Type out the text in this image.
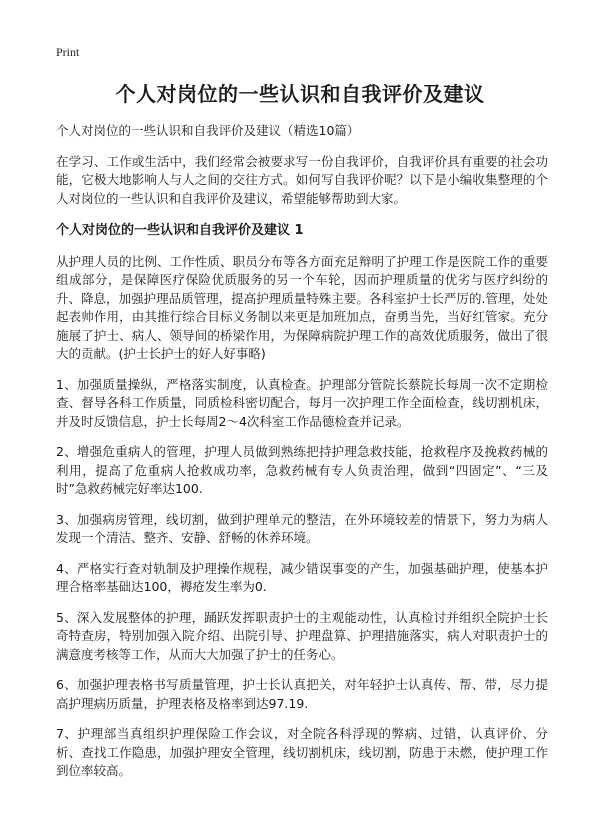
Print
个人对岗位的一些认识和自我评价及建议

个人对岗位的一些认识和自我评价及建议（精选10篇）

在学习、工作或生活中，我们经常会被要求写一份自我评价，自我评价具有重要的社会功能，它极大地影响人与人之间的交往方式。如何写自我评价呢？以下是小编收集整理的个人对岗位的一些认识和自我评价及建议，希望能够帮助到大家。

个人对岗位的一些认识和自我评价及建议 1

从护理人员的比例、工作性质、职员分布等各方面充足辩明了护理工作是医院工作的重要组成部分，是保障医疗保险优质服务的另一个车轮，因而护理质量的优劣与医疗纠纷的升、降息，加强护理品质管理，提高护理质量特殊主要。各科室护士长严厉的.管理，处处起表帅作用，由其推行综合目标义务制以来更是加班加点，奋勇当先，当好红管家。充分施展了护士、病人、领导间的桥梁作用，为保障病院护理工作的高效优质服务，做出了很大的贡献。(护士长护士的好人好事略)

1、加强质量操纵，严格落实制度，认真检查。护理部分管院长蔡院长每周一次不定期检查、督导各科工作质量，同质检科密切配合，每月一次护理工作全面检查，线切割机床，并及时反馈信息，护士长每周2～4次科室工作品德检查并记录。

2、增强危重病人的管理，护理人员做到熟练把持护理急救技能，抢救程序及挽救药械的利用，提高了危重病人抢救成功率，急救药械有专人负责治理，做到“四固定”、“三及时”急救药械完好率达100.

3、加强病房管理，线切割，做到护理单元的整洁，在外环境较差的情景下，努力为病人发现一个清洁、整齐、安静、舒畅的休养环境。

4、严格实行查对轨制及护理操作规程，减少错误事变的产生，加强基础护理，使基本护理合格率基础达100，褥疮发生率为0.

5、深入发展整体的护理，踊跃发挥职责护士的主观能动性，认真检讨并组织全院护士长奇特查房，特别加强入院介绍、出院引导、护理盘算、护理措施落实，病人对职责护士的满意度考核等工作，从而大大加强了护士的任务心。

6、加强护理表格书写质量管理，护士长认真把关，对年轻护士认真传、帮、带，尽力提高护理病历质量，护理表格及格率到达97.19.

7、护理部当真组织护理保险工作会议，对全院各科浮现的弊病、过错，认真评价、分析、查找工作隐患，加强护理安全管理，线切割机床，线切割，防患于未燃，使护理工作到位率较高。
